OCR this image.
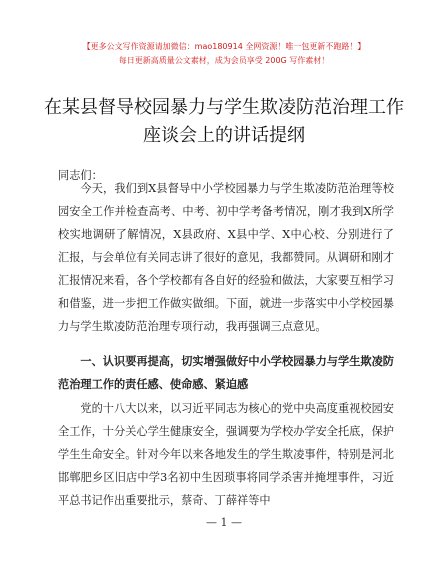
【更多公文写作资源请加微信：mao180914 全网资源！唯一包更新不跑路！】
每日更新高质量公文素材，成为会员享受 200G 写作素材！
在某县督导校园暴力与学生欺凌防范治理工作座谈会上的讲话提纲
同志们：

今天，我们到X县督导中小学校园暴力与学生欺凌防范治理等校园安全工作并检查高考、中考、初中学考备考情况，刚才我到X所学校实地调研了解情况，X县政府、X县中学、X中心校、分别进行了汇报，与会单位有关同志讲了很好的意见，我都赞同。从调研和刚才汇报情况来看，各个学校都有各自好的经验和做法，大家要互相学习和借鉴，进一步把工作做实做细。下面，就进一步落实中小学校园暴力与学生欺凌防范治理专项行动，我再强调三点意见。

一、认识要再提高，切实增强做好中小学校园暴力与学生欺凌防范治理工作的责任感、使命感、紧迫感

党的十八大以来，以习近平同志为核心的党中央高度重视校园安全工作，十分关心学生健康安全，强调要为学校办学安全托底，保护学生生命安全。针对今年以来各地发生的学生欺凌事件，特别是河北邯郸肥乡区旧店中学3名初中生因琐事将同学杀害并掩埋事件，习近平总书记作出重要批示，蔡奇、丁薛祥等中

— 1 —
